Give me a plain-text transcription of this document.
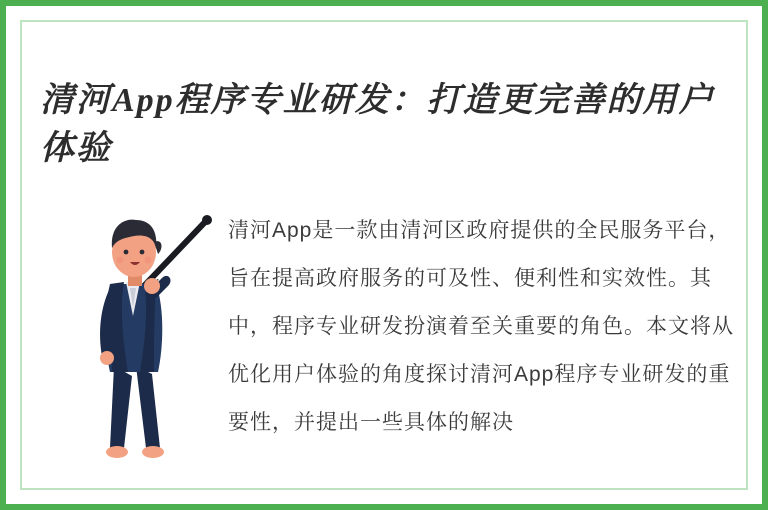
清河App程序专业研发：打造更完善的用户体验

清河App是一款由清河区政府提供的全民服务平台，旨在提高政府服务的可及性、便利性和实效性。其中，程序专业研发扮演着至关重要的角色。本文将从优化用户体验的角度探讨清河App程序专业研发的重要性，并提出一些具体的解决
